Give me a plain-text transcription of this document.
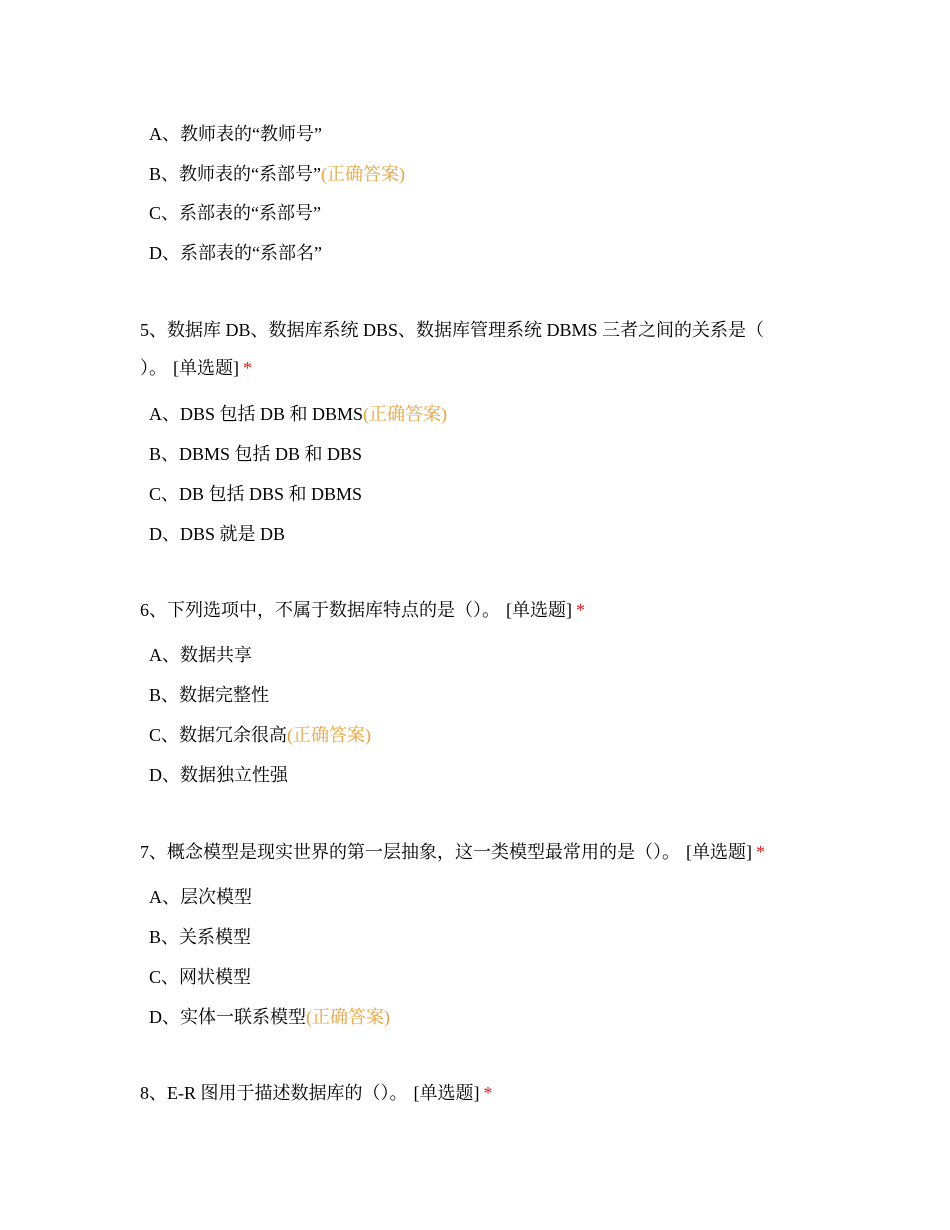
A、教师表的“教师号”
B、教师表的“系部号”(正确答案)
C、系部表的“系部号”
D、系部表的“系部名”
5、数据库 DB、数据库系统 DBS、数据库管理系统 DBMS 三者之间的关系是（
）。 [单选题] *
A、DBS 包括 DB 和 DBMS(正确答案)
B、DBMS 包括 DB 和 DBS
C、DB 包括 DBS 和 DBMS
D、DBS 就是 DB
6、下列选项中，不属于数据库特点的是（）。 [单选题] *
A、数据共享
B、数据完整性
C、数据冗余很高(正确答案)
D、数据独立性强
7、概念模型是现实世界的第一层抽象，这一类模型最常用的是（）。 [单选题] *
A、层次模型
B、关系模型
C、网状模型
D、实体一联系模型(正确答案)
8、E-R 图用于描述数据库的（）。 [单选题] *
